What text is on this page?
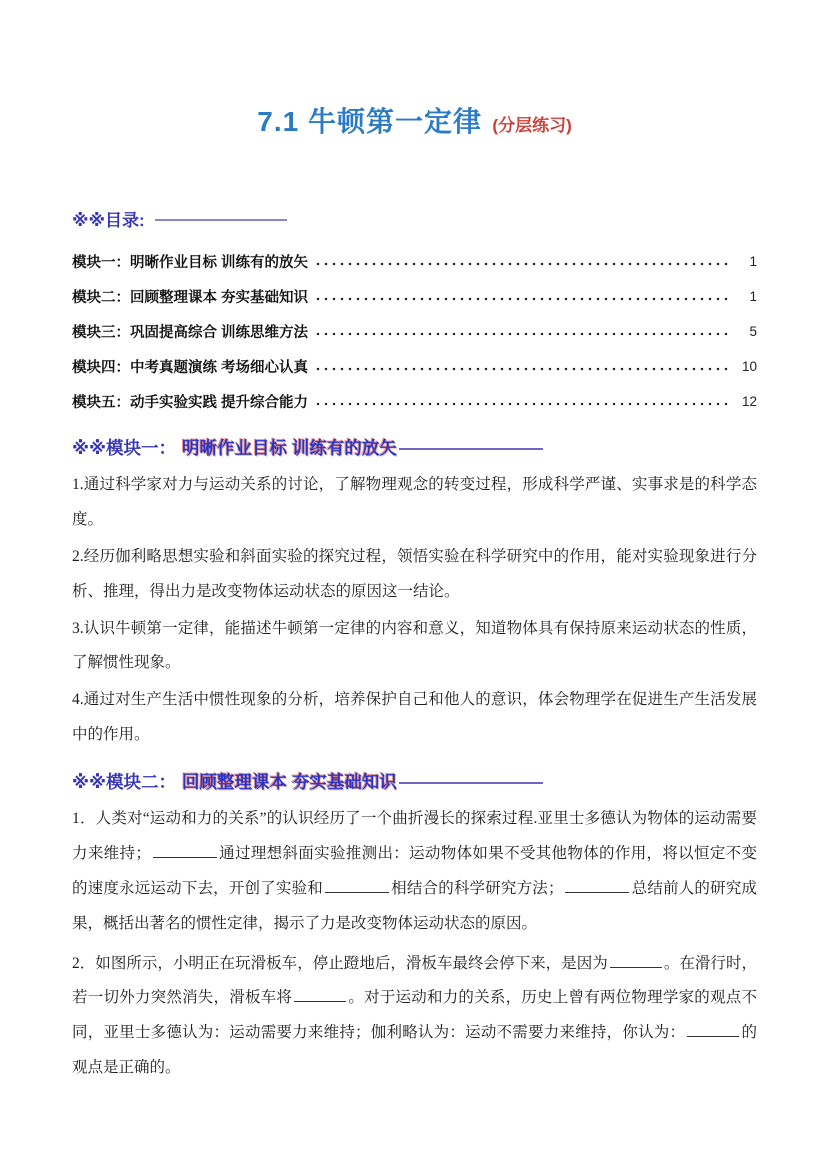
7.1 牛顿第一定律 (分层练习)
※※目录:
模块一：明晰作业目标 训练有的放矢	1
模块二：回顾整理课本 夯实基础知识	1
模块三：巩固提高综合 训练思维方法	5
模块四：中考真题演练 考场细心认真	10
模块五：动手实验实践 提升综合能力	12
※※模块一： 明晰作业目标 训练有的放矢

1.通过科学家对力与运动关系的讨论，了解物理观念的转变过程，形成科学严谨、实事求是的科学态度。

2.经历伽利略思想实验和斜面实验的探究过程，领悟实验在科学研究中的作用，能对实验现象进行分析、推理，得出力是改变物体运动状态的原因这一结论。

3.认识牛顿第一定律，能描述牛顿第一定律的内容和意义，知道物体具有保持原来运动状态的性质，了解惯性现象。

4.通过对生产生活中惯性现象的分析，培养保护自己和他人的意识，体会物理学在促进生产生活发展中的作用。

※※模块二： 回顾整理课本 夯实基础知识

1．人类对“运动和力的关系”的认识经历了一个曲折漫长的探索过程.亚里士多德认为物体的运动需要力来维持；	通过理想斜面实验推测出：运动物体如果不受其他物体的作用，将以恒定不变的速度永远运动下去，开创了实验和	相结合的科学研究方法；	总结前人的研究成果，概括出著名的惯性定律，揭示了力是改变物体运动状态的原因。

2．如图所示，小明正在玩滑板车，停止蹬地后，滑板车最终会停下来，是因为	。在滑行时，若一切外力突然消失，滑板车将	。对于运动和力的关系，历史上曾有两位物理学家的观点不同，亚里士多德认为：运动需要力来维持；伽利略认为：运动不需要力来维持，你认为：	的观点是正确的。
